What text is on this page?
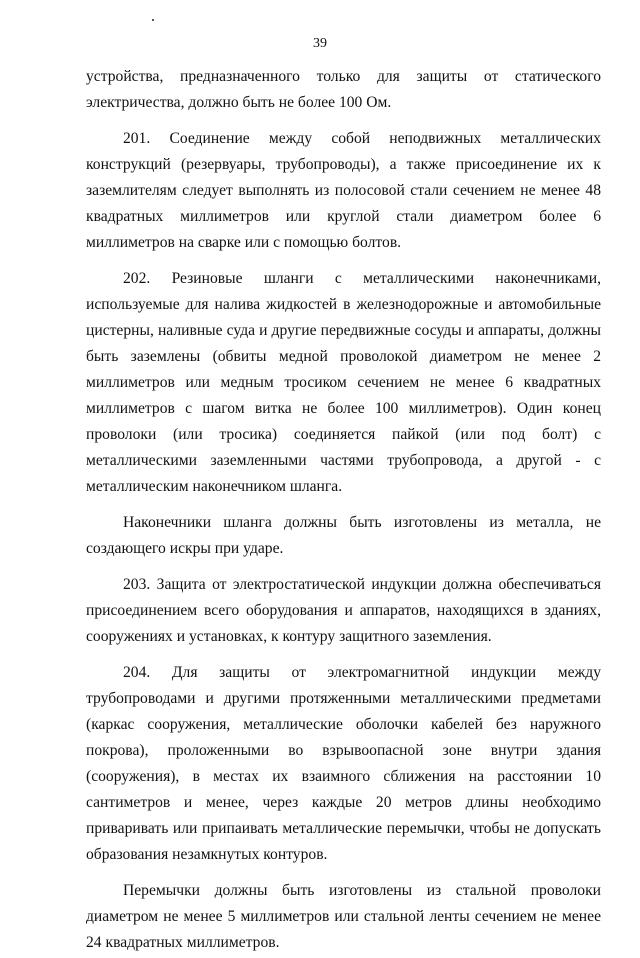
39

устройства, предназначенного только для защиты от статического электричества, должно быть не более 100 Ом.

201. Соединение между собой неподвижных металлических конструкций (резервуары, трубопроводы), а также присоединение их к заземлителям следует выполнять из полосовой стали сечением не менее 48 квадратных миллиметров или круглой стали диаметром более 6 миллиметров на сварке или с помощью болтов.

202. Резиновые шланги с металлическими наконечниками, используемые для налива жидкостей в железнодорожные и автомобильные цистерны, наливные суда и другие передвижные сосуды и аппараты, должны быть заземлены (обвиты медной проволокой диаметром не менее 2 миллиметров или медным тросиком сечением не менее 6 квадратных миллиметров с шагом витка не более 100 миллиметров). Один конец проволоки (или тросика) соединяется пайкой (или под болт) с металлическими заземленными частями трубопровода, а другой - с металлическим наконечником шланга.

Наконечники шланга должны быть изготовлены из металла, не создающего искры при ударе.

203. Защита от электростатической индукции должна обеспечиваться присоединением всего оборудования и аппаратов, находящихся в зданиях, сооружениях и установках, к контуру защитного заземления.

204. Для защиты от электромагнитной индукции между трубопроводами и другими протяженными металлическими предметами (каркас сооружения, металлические оболочки кабелей без наружного покрова), проложенными во взрывоопасной зоне внутри здания (сооружения), в местах их взаимного сближения на расстоянии 10 сантиметров и менее, через каждые 20 метров длины необходимо приваривать или припаивать металлические перемычки, чтобы не допускать образования незамкнутых контуров.

Перемычки должны быть изготовлены из стальной проволоки диаметром не менее 5 миллиметров или стальной ленты сечением не менее 24 квадратных миллиметров.
